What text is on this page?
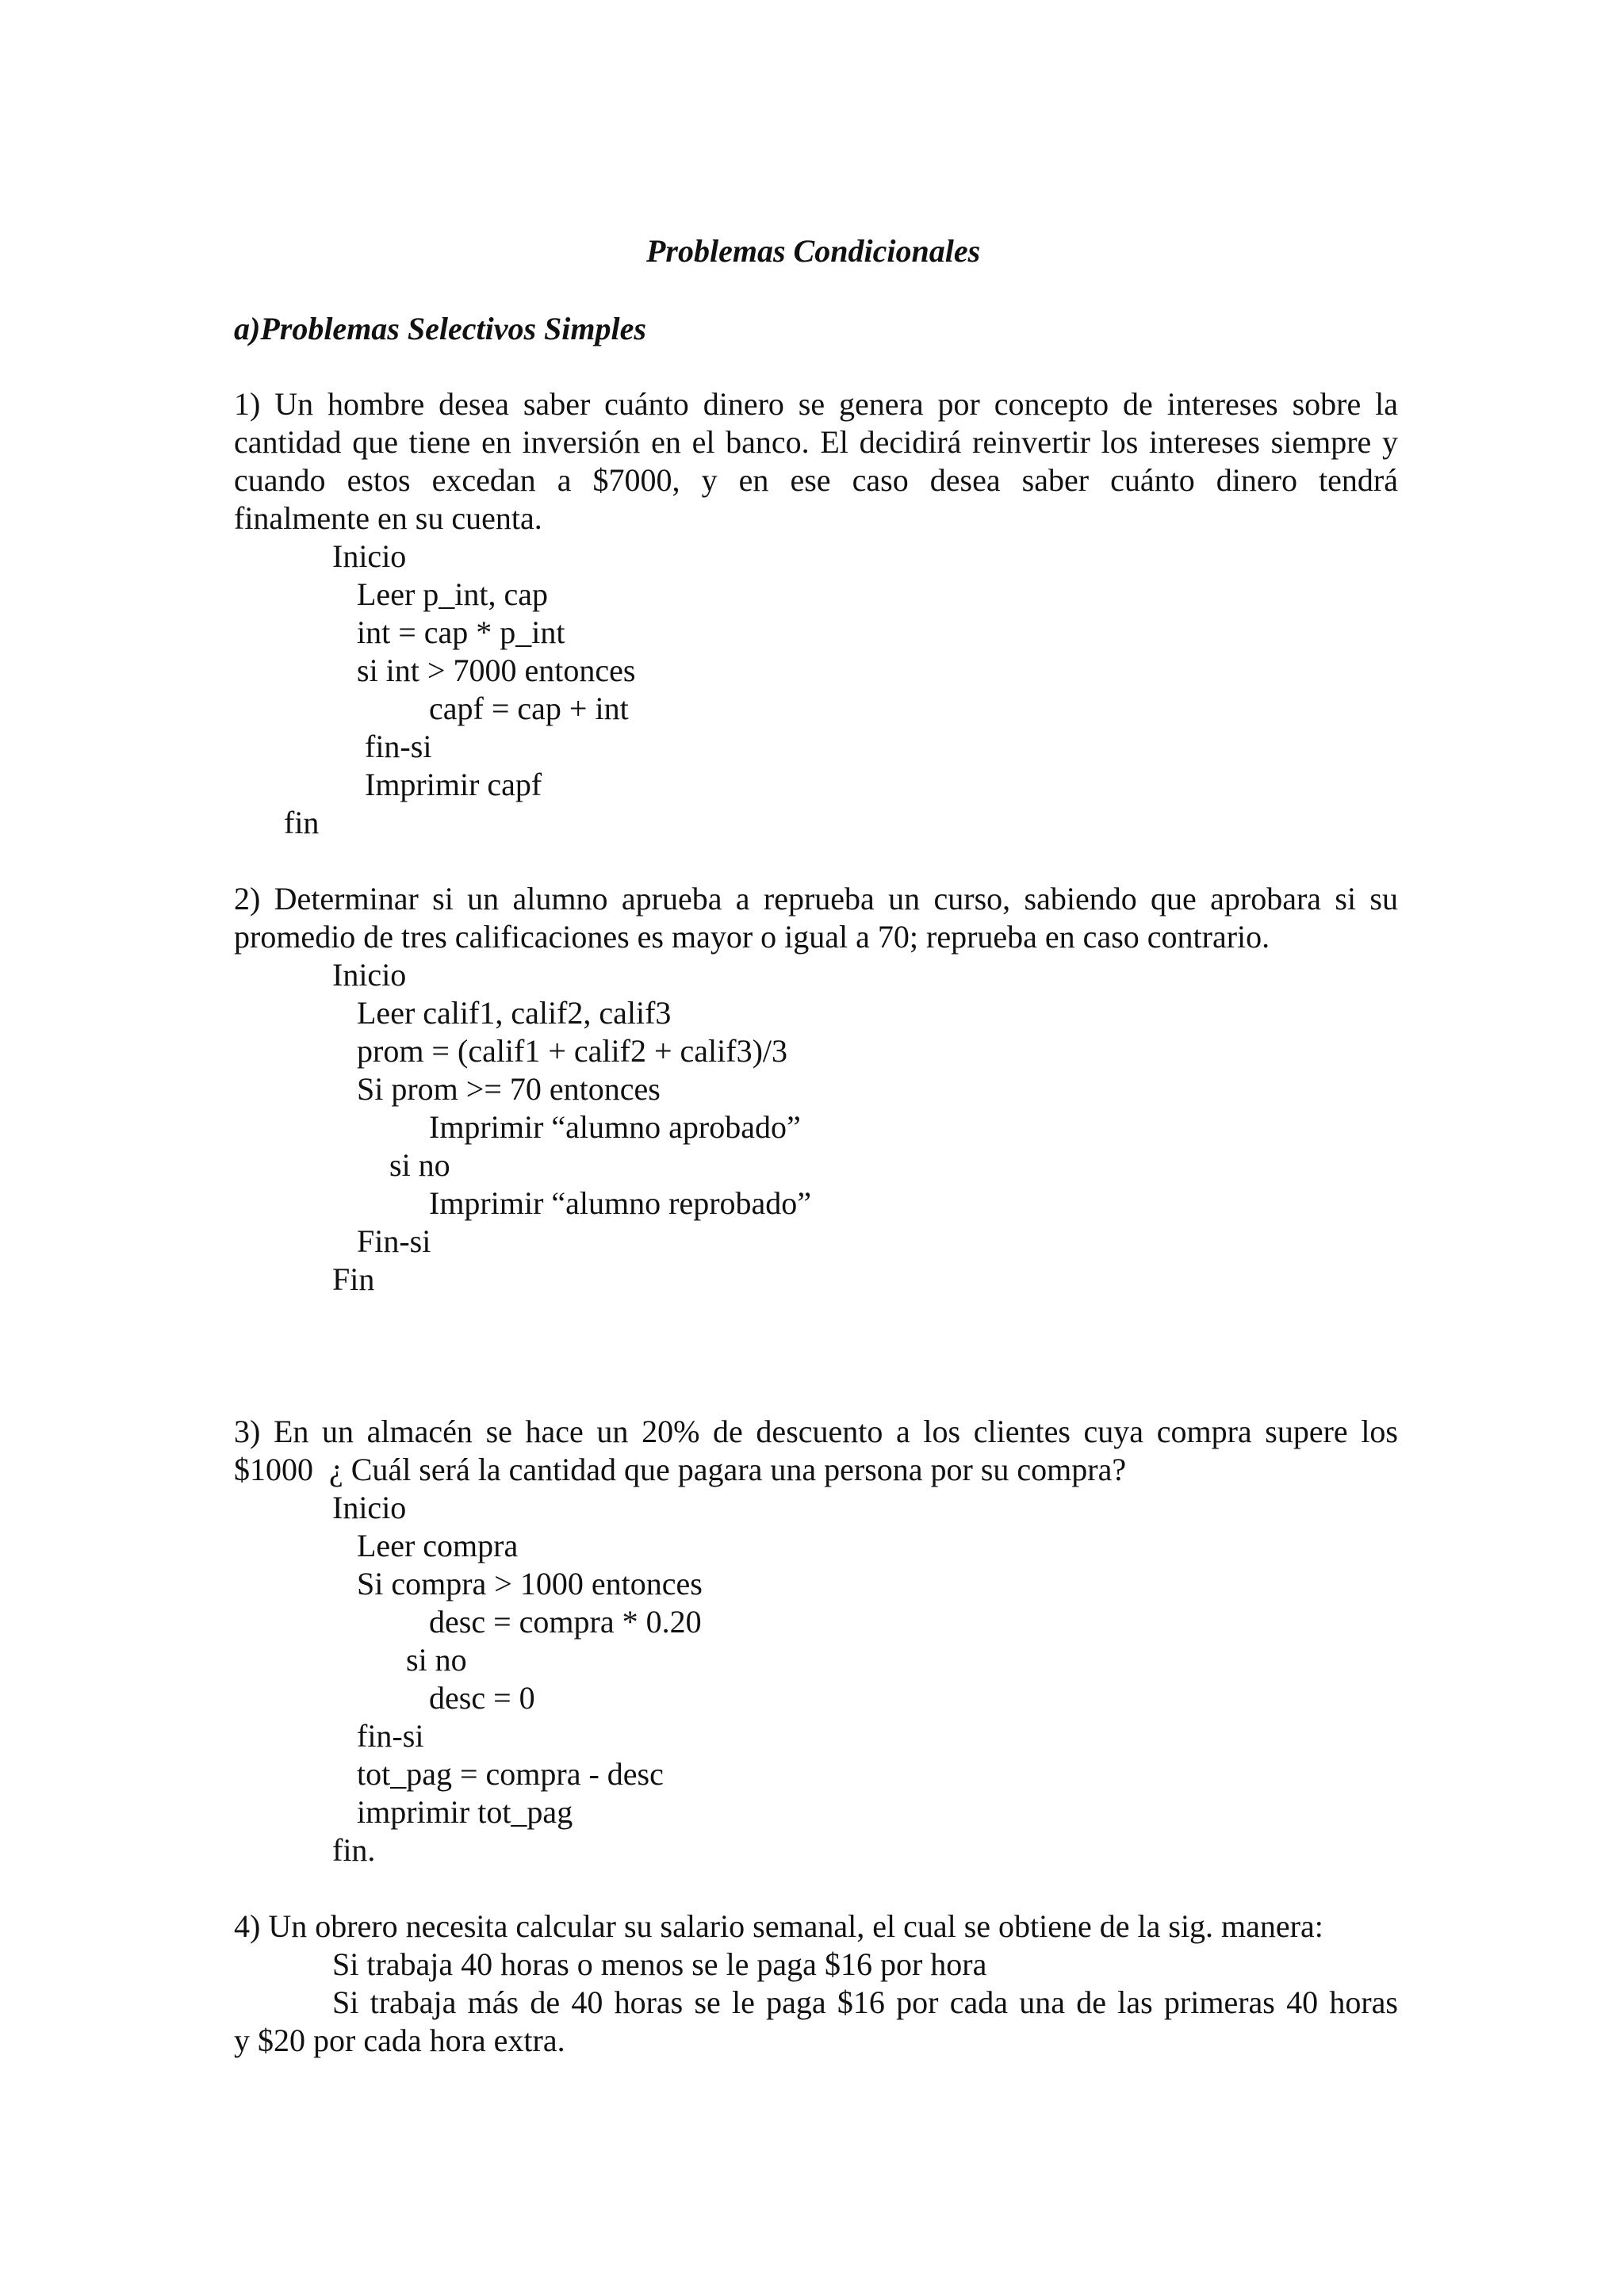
Problemas Condicionales
a)Problemas Selectivos Simples
1) Un hombre desea saber cuánto dinero se genera por concepto de intereses sobre la
cantidad que tiene en inversión en el banco. El decidirá reinvertir los intereses siempre y
cuando estos excedan a $7000, y en ese caso desea saber cuánto dinero tendrá
finalmente en su cuenta.
Inicio
Leer p_int, cap
int = cap * p_int
si int > 7000 entonces
capf = cap + int
fin-si
Imprimir capf
fin
2) Determinar si un alumno aprueba a reprueba un curso, sabiendo que aprobara si su
promedio de tres calificaciones es mayor o igual a 70; reprueba en caso contrario.
Inicio
Leer calif1, calif2, calif3
prom = (calif1 + calif2 + calif3)/3
Si prom >= 70 entonces
Imprimir “alumno aprobado”
si no
Imprimir “alumno reprobado”
Fin-si
Fin
3) En un almacén se hace un 20% de descuento a los clientes cuya compra supere los
$1000  ¿ Cuál será la cantidad que pagara una persona por su compra?
Inicio
Leer compra
Si compra > 1000 entonces
desc = compra * 0.20
si no
desc = 0
fin-si
tot_pag = compra - desc
imprimir tot_pag
fin.
4) Un obrero necesita calcular su salario semanal, el cual se obtiene de la sig. manera:
Si trabaja 40 horas o menos se le paga $16 por hora
Si trabaja más de 40 horas se le paga $16 por cada una de las primeras 40 horas
y $20 por cada hora extra.
